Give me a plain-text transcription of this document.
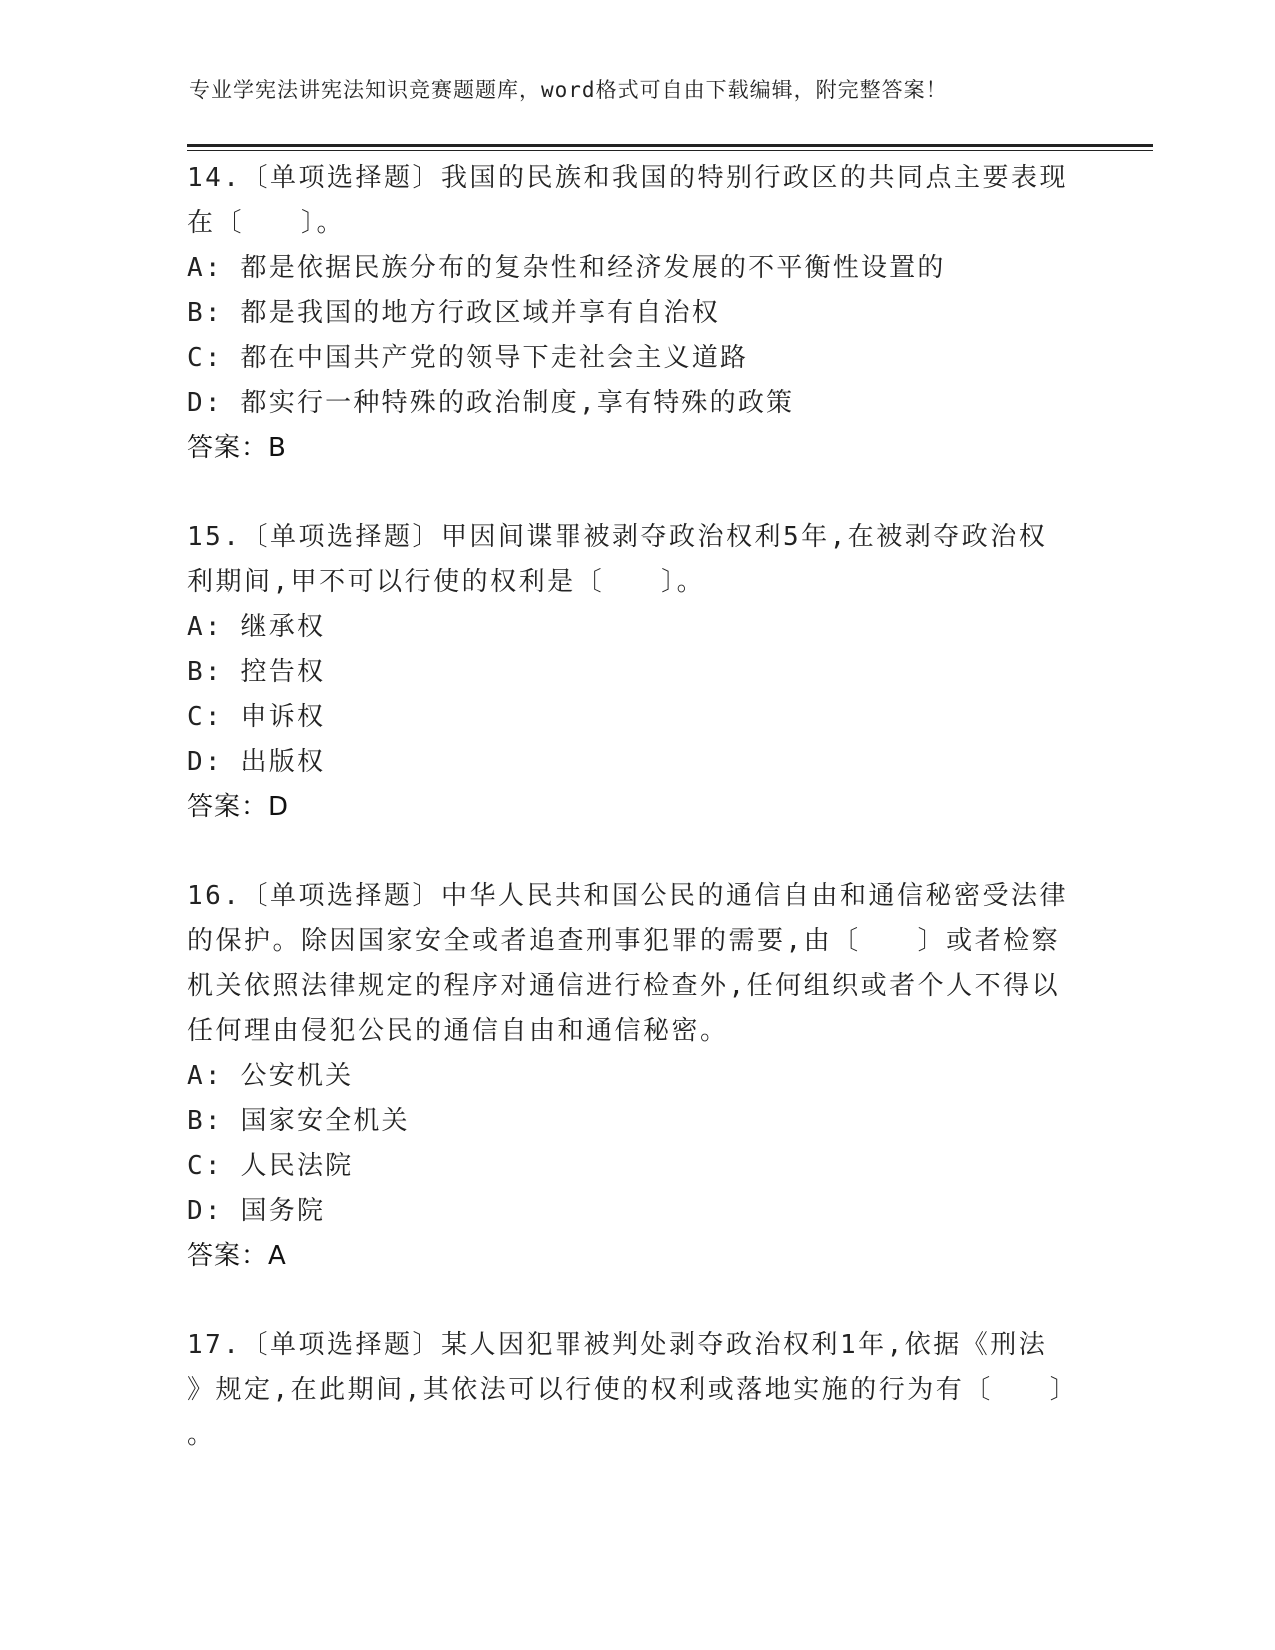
专业学宪法讲宪法知识竞赛题题库，word格式可自由下载编辑，附完整答案！
14.〔单项选择题〕我国的民族和我国的特别行政区的共同点主要表现
在〔　　〕。
A: 都是依据民族分布的复杂性和经济发展的不平衡性设置的
B: 都是我国的地方行政区域并享有自治权
C: 都在中国共产党的领导下走社会主义道路
D: 都实行一种特殊的政治制度,享有特殊的政策
答案：B
15.〔单项选择题〕甲因间谍罪被剥夺政治权利5年,在被剥夺政治权
利期间,甲不可以行使的权利是〔　　〕。
A: 继承权
B: 控告权
C: 申诉权
D: 出版权
答案：D
16.〔单项选择题〕中华人民共和国公民的通信自由和通信秘密受法律
的保护。除因国家安全或者追查刑事犯罪的需要,由〔　　〕或者检察
机关依照法律规定的程序对通信进行检查外,任何组织或者个人不得以
任何理由侵犯公民的通信自由和通信秘密。
A: 公安机关
B: 国家安全机关
C: 人民法院
D: 国务院
答案：A
17.〔单项选择题〕某人因犯罪被判处剥夺政治权利1年,依据《刑法
》规定,在此期间,其依法可以行使的权利或落地实施的行为有〔　　〕
。
